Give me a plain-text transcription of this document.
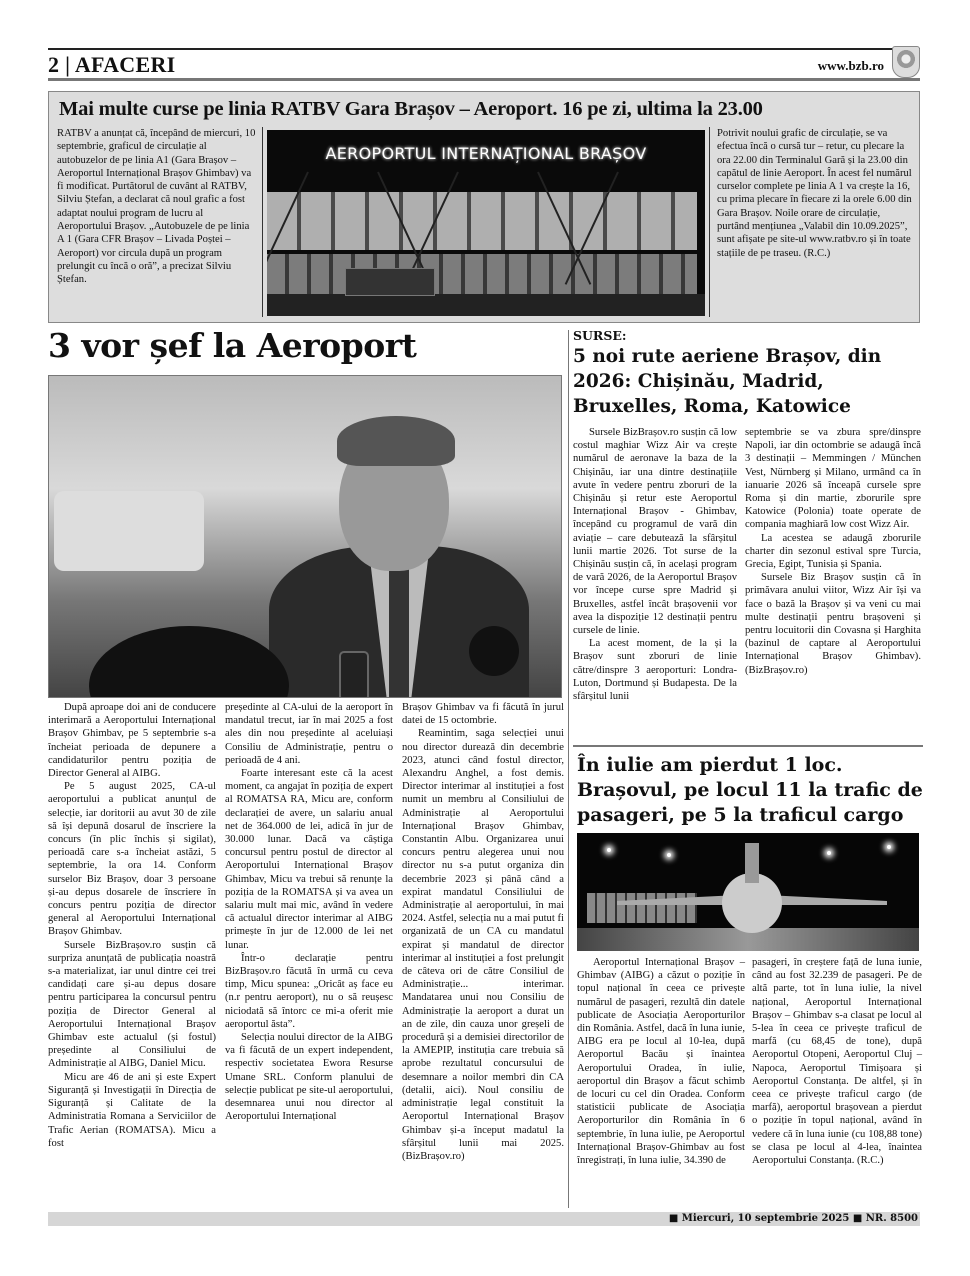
2 | AFACERI	www.bzb.ro
Mai multe curse pe linia RATBV Gara Brașov – Aeroport. 16 pe zi, ultima la 23.00
RATBV a anunțat că, începând de miercuri, 10 septembrie, graficul de circulație al autobuzelor de pe linia A1 (Gara Brașov – Aeroportul Internațional Brașov Ghimbav) va fi modificat. Purtătorul de cuvânt al RATBV, Silviu Ștefan, a declarat că noul grafic a fost adaptat noului program de lucru al Aeroportului Brașov. „Autobuzele de pe linia A 1 (Gara CFR Brașov – Livada Poștei – Aeroport) vor circula după un program prelungit cu încă o oră”, a precizat Silviu Ștefan.
AEROPORTUL INTERNAȚIONAL BRAȘOV
Potrivit noului grafic de circulație, se va efectua încă o cursă tur – retur, cu plecare la ora 22.00 din Terminalul Gară și la 23.00 din capătul de linie Aeroport. În acest fel numărul curselor complete pe linia A 1 va crește la 16, cu prima plecare în fiecare zi la orele 6.00 din Gara Brașov. Noile orare de circulație, purtând mențiunea „Valabil din 10.09.2025”, sunt afișate pe site-ul www.ratbv.ro și în toate stațiile de pe traseu. (R.C.)
3 vor șef la Aeroport

După aproape doi ani de conducere interimară a Aeroportului Internațional Brașov Ghimbav, pe 5 septembrie s-a încheiat perioada de depunere a candidaturilor pentru poziția de Director General al AIBG.

Pe 5 august 2025, CA-ul aeroportului a publicat anunțul de selecție, iar doritorii au avut 30 de zile să își depună dosarul de înscriere la concurs (în plic închis și sigilat), perioadă care s-a încheiat astăzi, 5 septembrie, la ora 14. Conform surselor Biz Brașov, doar 3 persoane și-au depus dosarele de înscriere în concurs pentru poziția de director general al Aeroportului Internațional Brașov Ghimbav.

Sursele BizBrașov.ro susțin că surpriza anunțată de publicația noastră s-a materializat, iar unul dintre cei trei candidați care și-au depus dosare pentru participarea la concursul pentru poziția de Director General al Aeroportului Internațional Brașov Ghimbav este actualul (și fostul) președinte al Consiliului de Administrație al AIBG, Daniel Micu.

Micu are 46 de ani și este Expert Siguranță și Investigații în Direcția de Siguranță și Calitate de la Administratia Romana a Serviciilor de Trafic Aerian (ROMATSA). Micu a fost

președinte al CA-ului de la aeroport în mandatul trecut, iar în mai 2025 a fost ales din nou președinte al aceluiași Consiliu de Administrație, pentru o perioadă de 4 ani.

Foarte interesant este că la acest moment, ca angajat în poziția de expert al ROMATSA RA, Micu are, conform declarației de avere, un salariu anual net de 364.000 de lei, adică în jur de 30.000 lunar. Dacă va câștiga concursul pentru postul de director al Aeroportului Internațional Brașov Ghimbav, Micu va trebui să renunțe la poziția de la ROMATSA și va avea un salariu mult mai mic, având în vedere că actualul director interimar al AIBG primește în jur de 12.000 de lei net lunar.

Într-o declarație pentru BizBrașov.ro făcută în urmă cu ceva timp, Micu spunea: „Oricât aș face eu (n.r pentru aeroport), nu o să reușesc niciodată să întorc ce mi-a oferit mie aeroportul ăsta”.

Selecția noului director de la AIBG va fi făcută de un expert independent, respectiv societatea Ewora Resurse Umane SRL. Conform planului de selecție publicat pe site-ul aeroportului, desemnarea unui nou director al Aeroportului Internațional

Brașov Ghimbav va fi făcută în jurul datei de 15 octombrie.

Reamintim, saga selecției unui nou director durează din decembrie 2023, atunci când fostul director, Alexandru Anghel, a fost demis. Director interimar al instituției a fost numit un membru al Consiliului de Administrație al Aeroportului Internațional Brașov Ghimbav, Constantin Albu. Organizarea unui concurs pentru alegerea unui nou director nu s-a putut organiza din decembrie 2023 și până când a expirat mandatul Consiliului de Administrație al aeroportului, în mai 2024. Astfel, selecția nu a mai putut fi organizată de un CA cu mandatul expirat și mandatul de director interimar al instituției a fost prelungit de câteva ori de către Consiliul de Administrație... interimar. Mandatarea unui nou Consiliu de Administrație la aeroport a durat un an de zile, din cauza unor greșeli de procedură și a demisiei directorilor de la AMEPIP, instituția care trebuia să aprobe rezultatul concursului de desemnare a noilor membri din CA (detalii, aici). Noul consiliu de administrație legal constituit la Aeroportul Internațional Brașov Ghimbav și-a început madatul la sfârșitul lunii mai 2025. (BizBrașov.ro)

SURSE:
5 noi rute aeriene Brașov, din 2026: Chișinău, Madrid, Bruxelles, Roma, Katowice

Sursele BizBrașov.ro susțin că low costul maghiar Wizz Air va crește numărul de aeronave la baza de la Chișinău, iar una dintre destinațiile avute în vedere pentru zboruri de la Chișinău și retur este Aeroportul Internațional Brașov - Ghimbav, începând cu programul de vară din aviație – care debutează la sfârșitul lunii martie 2026. Tot surse de la Chișinău susțin că, în același program de vară 2026, de la Aeroportul Brașov vor începe curse spre Madrid și Bruxelles, astfel încât brașovenii vor avea la dispoziție 12 destinații pentru cursele de linie.

La acest moment, de la și la Brașov sunt zboruri de linie către/dinspre 3 aeroporturi: Londra-Luton, Dortmund și Budapesta. De la sfârșitul lunii

septembrie se va zbura spre/dinspre Napoli, iar din octombrie se adaugă încă 3 destinații – Memmingen / München Vest, Nürnberg și Milano, urmând ca în ianuarie 2026 să înceapă cursele spre Roma și din martie, zborurile spre Katowice (Polonia) toate operate de compania maghiară low cost Wizz Air.

La acestea se adaugă zborurile charter din sezonul estival spre Turcia, Grecia, Egipt, Tunisia și Spania.

Sursele Biz Brașov susțin că în primăvara anului viitor, Wizz Air își va face o bază la Brașov și va veni cu mai multe destinații pentru brașoveni și pentru locuitorii din Covasna și Harghita (bazinul de captare al Aeroportului Internațional Brașov Ghimbav). (BizBrașov.ro)

În iulie am pierdut 1 loc. Brașovul, pe locul 11 la trafic de pasageri, pe 5 la traficul cargo

Aeroportul Internațional Brașov – Ghimbav (AIBG) a căzut o poziție în topul național în ceea ce privește numărul de pasageri, rezultă din datele publicate de Asociația Aeroporturilor din România. Astfel, dacă în luna iunie, AIBG era pe locul al 10-lea, după Aeroportul Bacău și înaintea Aeroportului Oradea, în iulie, aeroportul din Brașov a făcut schimb de locuri cu cel din Oradea. Conform statisticii publicate de Asociația Aeroporturilor din România în 6 septembrie, în luna iulie, pe Aeroportul Internațional Brașov-Ghimbav au fost înregistrați, în luna iulie, 34.390 de

pasageri, în creștere față de luna iunie, când au fost 32.239 de pasageri. Pe de altă parte, tot în luna iulie, la nivel național, Aeroportul Internațional Brașov – Ghimbav s-a clasat pe locul al 5-lea în ceea ce privește traficul de marfă (cu 68,45 de tone), după Aeroportul Otopeni, Aeroportul Cluj – Napoca, Aeroportul Timișoara și Aeroportul Constanța. De altfel, și în ceea ce privește traficul cargo (de marfă), aeroportul brașovean a pierdut o poziție în topul național, având în vedere că în luna iunie (cu 108,88 tone) se clasa pe locul al 4-lea, înaintea Aeroportului Constanța. (R.C.)

■ Miercuri, 10 septembrie 2025 ■ NR. 8500
